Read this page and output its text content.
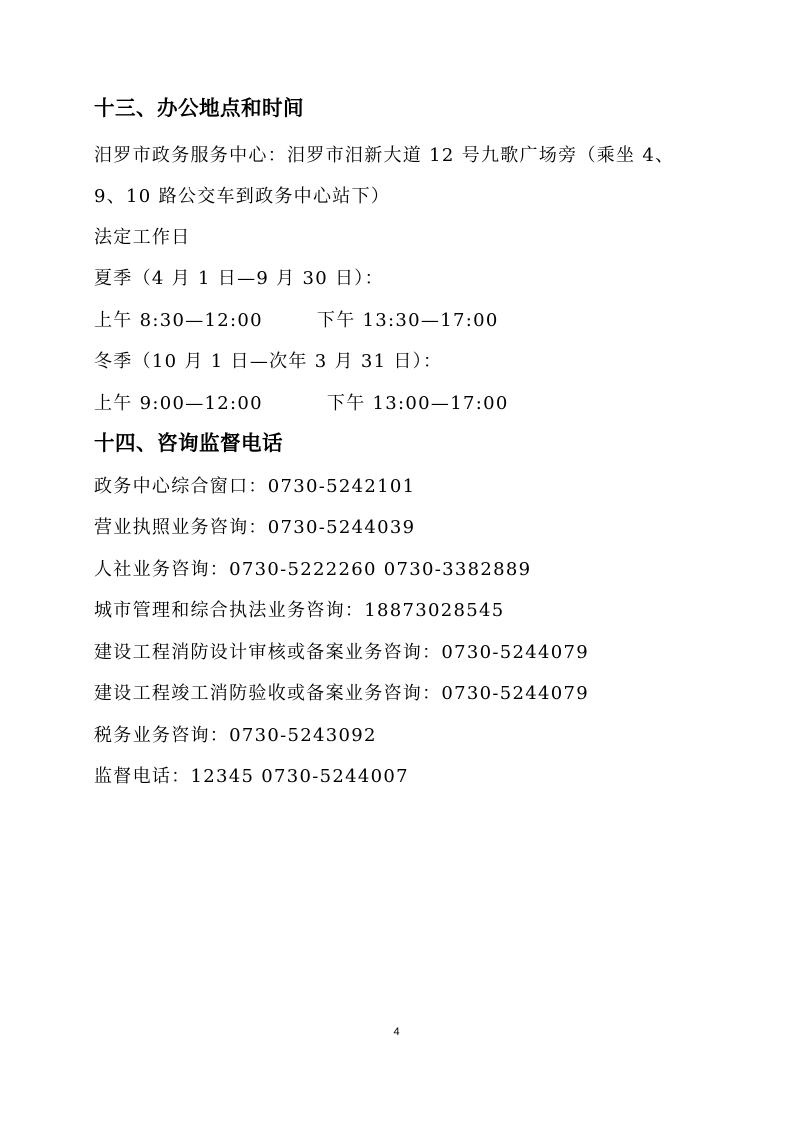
十三、办公地点和时间
汨罗市政务服务中心：汨罗市汨新大道 12 号九歌广场旁（乘坐 4、
9、10 路公交车到政务中心站下）
法定工作日
夏季（4 月 1 日—9 月 30 日）：
上午 8:30—12:00	下午 13:30—17:00
冬季（10 月 1 日—次年 3 月 31 日）：
上午 9:00—12:00	下午 13:00—17:00
十四、咨询监督电话
政务中心综合窗口：0730-5242101
营业执照业务咨询：0730-5244039
人社业务咨询：0730-5222260 0730-3382889
城市管理和综合执法业务咨询：18873028545
建设工程消防设计审核或备案业务咨询：0730-5244079
建设工程竣工消防验收或备案业务咨询：0730-5244079
税务业务咨询：0730-5243092
监督电话：12345 0730-5244007
4
